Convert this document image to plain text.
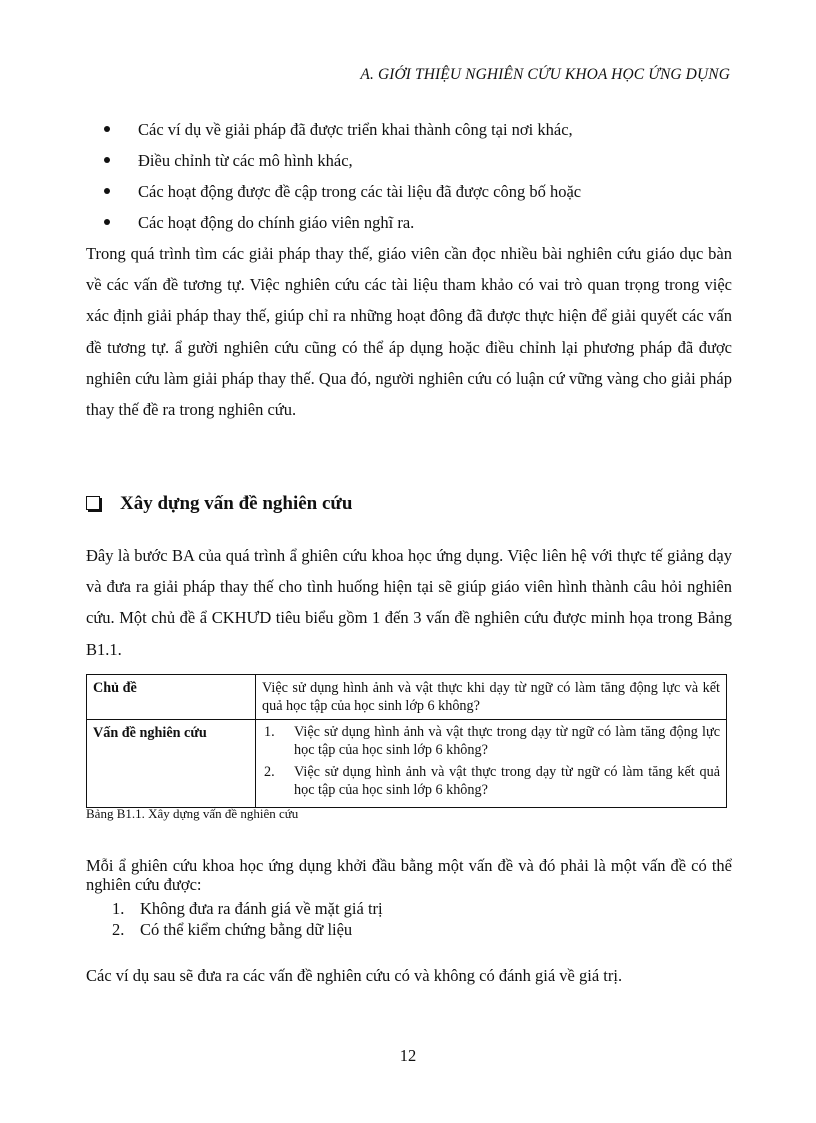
A. GIỚI THIỆU NGHIÊN CỨU KHOA HỌC ỨNG DỤNG
Các ví dụ về giải pháp đã được triển khai thành công tại nơi khác,
Điều chỉnh từ các mô hình khác,
Các hoạt động được đề cập trong các tài liệu đã được công bố hoặc
Các hoạt động do chính giáo viên nghĩ ra.

Trong quá trình tìm các giải pháp thay thế, giáo viên cần đọc nhiều bài nghiên cứu giáo dục bàn về các vấn đề tương tự. Việc nghiên cứu các tài liệu tham khảo có vai trò quan trọng trong việc xác định giải pháp thay thế, giúp chỉ ra những hoạt đông đã được thực hiện để giải quyết các vấn đề tương tự. ẩ gười nghiên cứu cũng có thể áp dụng hoặc điều chỉnh lại phương pháp đã được nghiên cứu làm giải pháp thay thế. Qua đó, người nghiên cứu có luận cứ vững vàng cho giải pháp thay thế đề ra trong nghiên cứu.

Xây dựng vấn đề nghiên cứu

Đây là bước BA của quá trình ẩ ghiên cứu khoa học ứng dụng. Việc liên hệ với thực tế giảng dạy và đưa ra giải pháp thay thế cho tình huống hiện tại sẽ giúp giáo viên hình thành câu hỏi nghiên cứu. Một chủ đề ẩ CKHƯD tiêu biểu gồm 1 đến 3 vấn đề nghiên cứu được minh họa trong Bảng B1.1.

Chủ đề	Việc sử dụng hình ảnh và vật thực khi dạy từ ngữ có làm tăng động lực và kết quả học tập của học sinh lớp 6 không?
Vấn đề nghiên cứu	1. Việc sử dụng hình ảnh và vật thực trong dạy từ ngữ có làm tăng động lực học tập của học sinh lớp 6 không?
2. Việc sử dụng hình ảnh và vật thực trong dạy từ ngữ có làm tăng kết quả học tập của học sinh lớp 6 không?
Bảng B1.1. Xây dựng vấn đề nghiên cứu

Mỗi ẩ ghiên cứu khoa học ứng dụng khởi đầu bằng một vấn đề và đó phải là một vấn đề có thể nghiên cứu được:

1. Không đưa ra đánh giá về mặt giá trị
2. Có thể kiểm chứng bằng dữ liệu
Các ví dụ sau sẽ đưa ra các vấn đề nghiên cứu có và không có đánh giá về giá trị.
12
